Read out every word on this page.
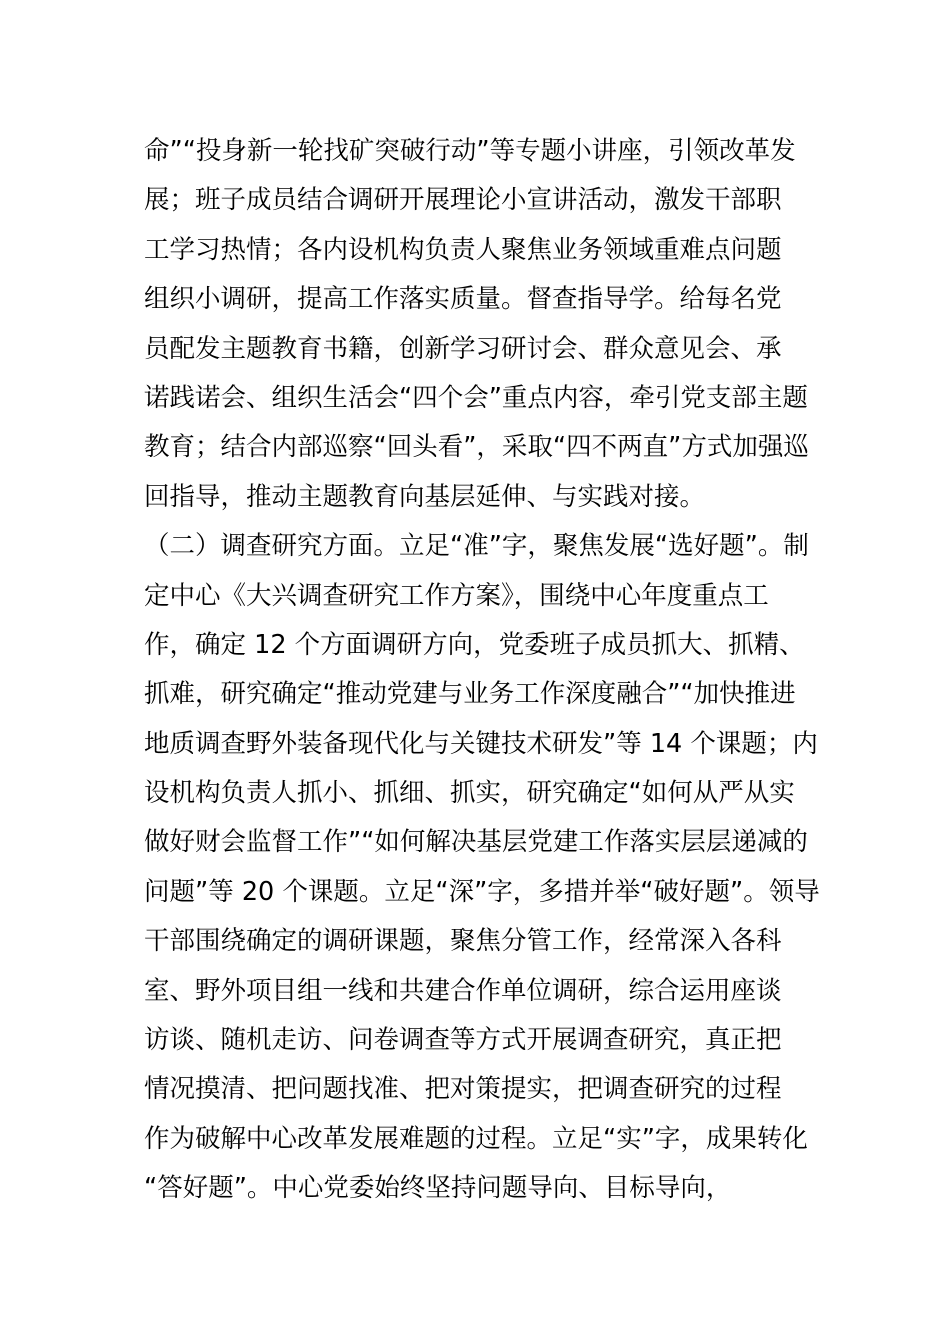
命”“投身新一轮找矿突破行动”等专题小讲座，引领改革发
展；班子成员结合调研开展理论小宣讲活动，激发干部职
工学习热情；各内设机构负责人聚焦业务领域重难点问题
组织小调研，提高工作落实质量。督查指导学。给每名党
员配发主题教育书籍，创新学习研讨会、群众意见会、承
诺践诺会、组织生活会“四个会”重点内容，牵引党支部主题
教育；结合内部巡察“回头看”，采取“四不两直”方式加强巡
回指导，推动主题教育向基层延伸、与实践对接。
（二）调查研究方面。立足“准”字，聚焦发展“选好题”。制
定中心《大兴调查研究工作方案》，围绕中心年度重点工
作，确定 12 个方面调研方向，党委班子成员抓大、抓精、
抓难，研究确定“推动党建与业务工作深度融合”“加快推进
地质调查野外装备现代化与关键技术研发”等 14 个课题；内
设机构负责人抓小、抓细、抓实，研究确定“如何从严从实
做好财会监督工作”“如何解决基层党建工作落实层层递减的
问题”等 20 个课题。立足“深”字，多措并举“破好题”。领导
干部围绕确定的调研课题，聚焦分管工作，经常深入各科
室、野外项目组一线和共建合作单位调研，综合运用座谈
访谈、随机走访、问卷调查等方式开展调查研究，真正把
情况摸清、把问题找准、把对策提实，把调查研究的过程
作为破解中心改革发展难题的过程。立足“实”字，成果转化
“答好题”。中心党委始终坚持问题导向、目标导向，
